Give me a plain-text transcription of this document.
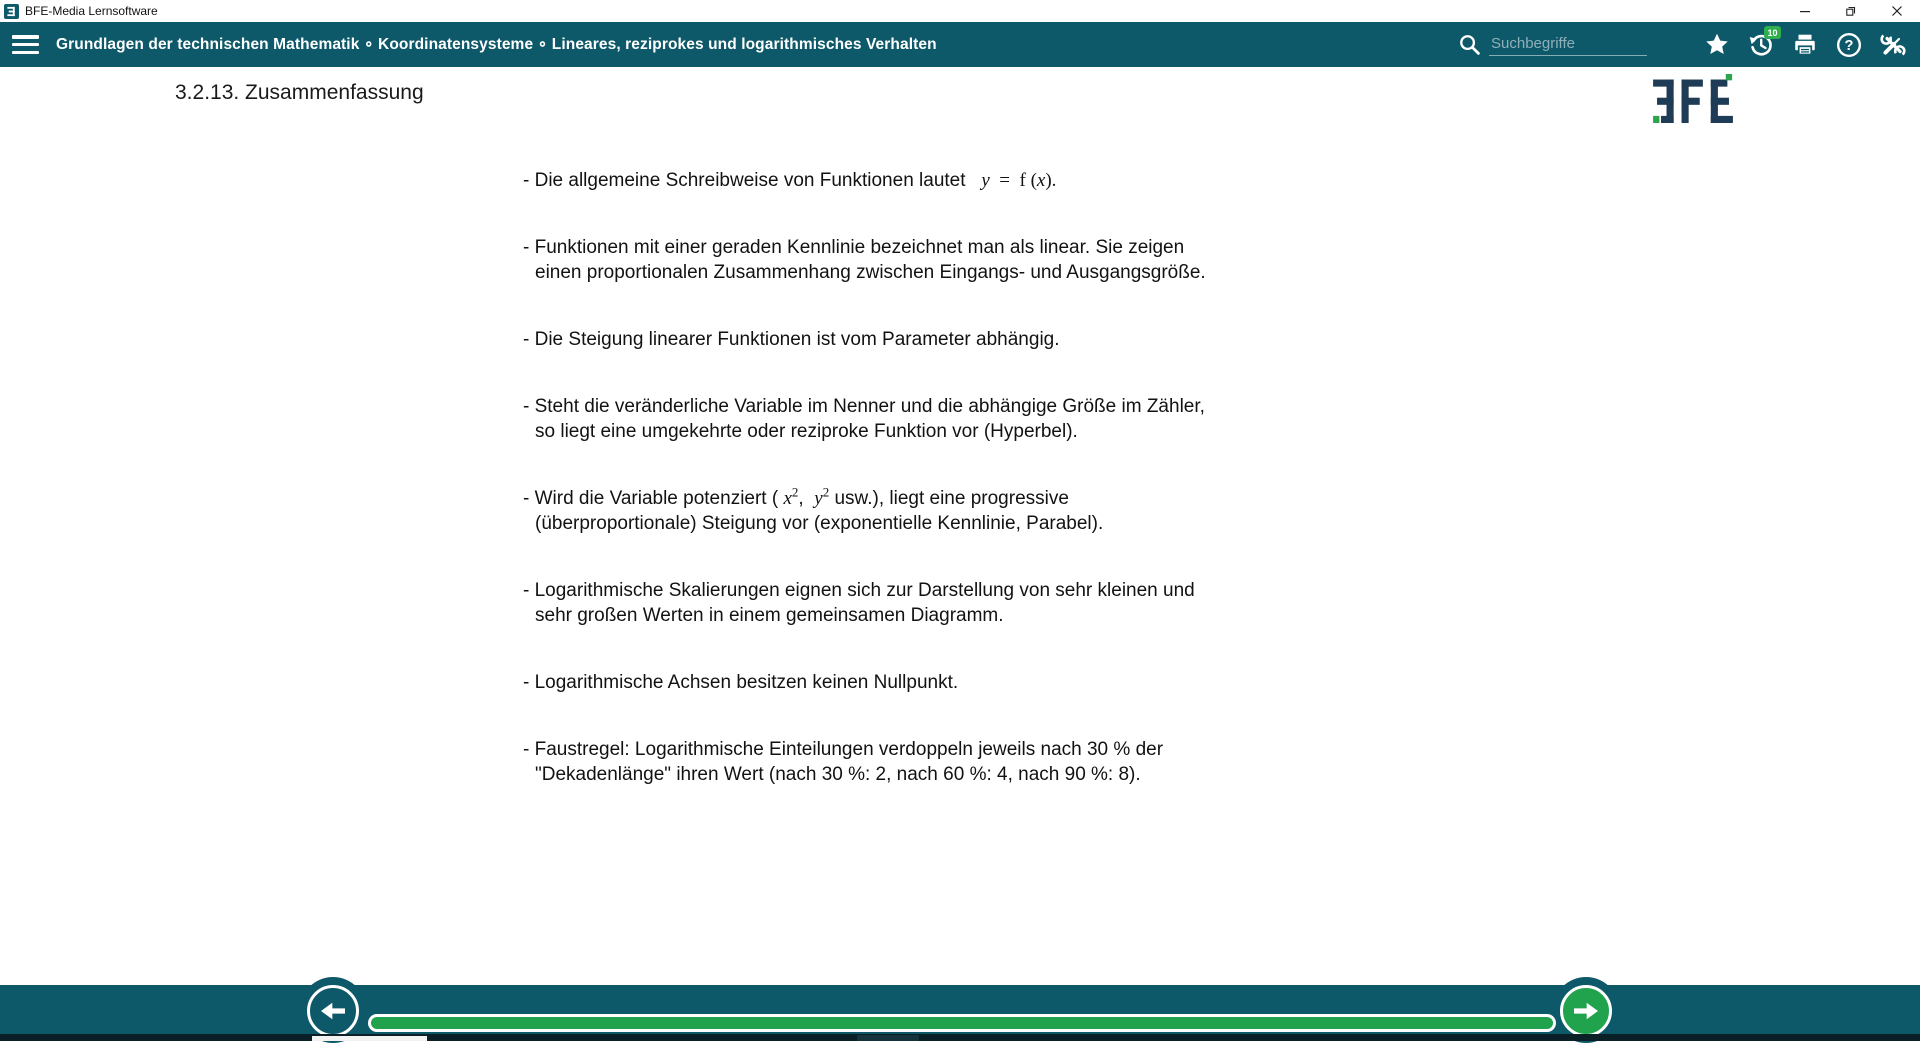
BFE-Media Lernsoftware
Grundlagen der technischen Mathematik ∘ Koordinatensysteme ∘ Lineares, reziprokes und logarithmisches Verhalten
Suchbegriffe
10
?
3.2.13. Zusammenfassung
- Die allgemeine Schreibweise von Funktionen lautet   y  =  f (x).
- Funktionen mit einer geraden Kennlinie bezeichnet man als linear. Sie zeigen
einen proportionalen Zusammenhang zwischen Eingangs- und Ausgangsgröße.
- Die Steigung linearer Funktionen ist vom Parameter abhängig.
- Steht die veränderliche Variable im Nenner und die abhängige Größe im Zähler,
so liegt eine umgekehrte oder reziproke Funktion vor (Hyperbel).
- Wird die Variable potenziert ( $x^2$,  $y^2$ usw.), liegt eine progressive
(überproportionale) Steigung vor (exponentielle Kennlinie, Parabel).
- Logarithmische Skalierungen eignen sich zur Darstellung von sehr kleinen und
sehr großen Werten in einem gemeinsamen Diagramm.
- Logarithmische Achsen besitzen keinen Nullpunkt.
- Faustregel: Logarithmische Einteilungen verdoppeln jeweils nach 30 % der
"Dekadenlänge" ihren Wert (nach 30 %: 2, nach 60 %: 4, nach 90 %: 8).
